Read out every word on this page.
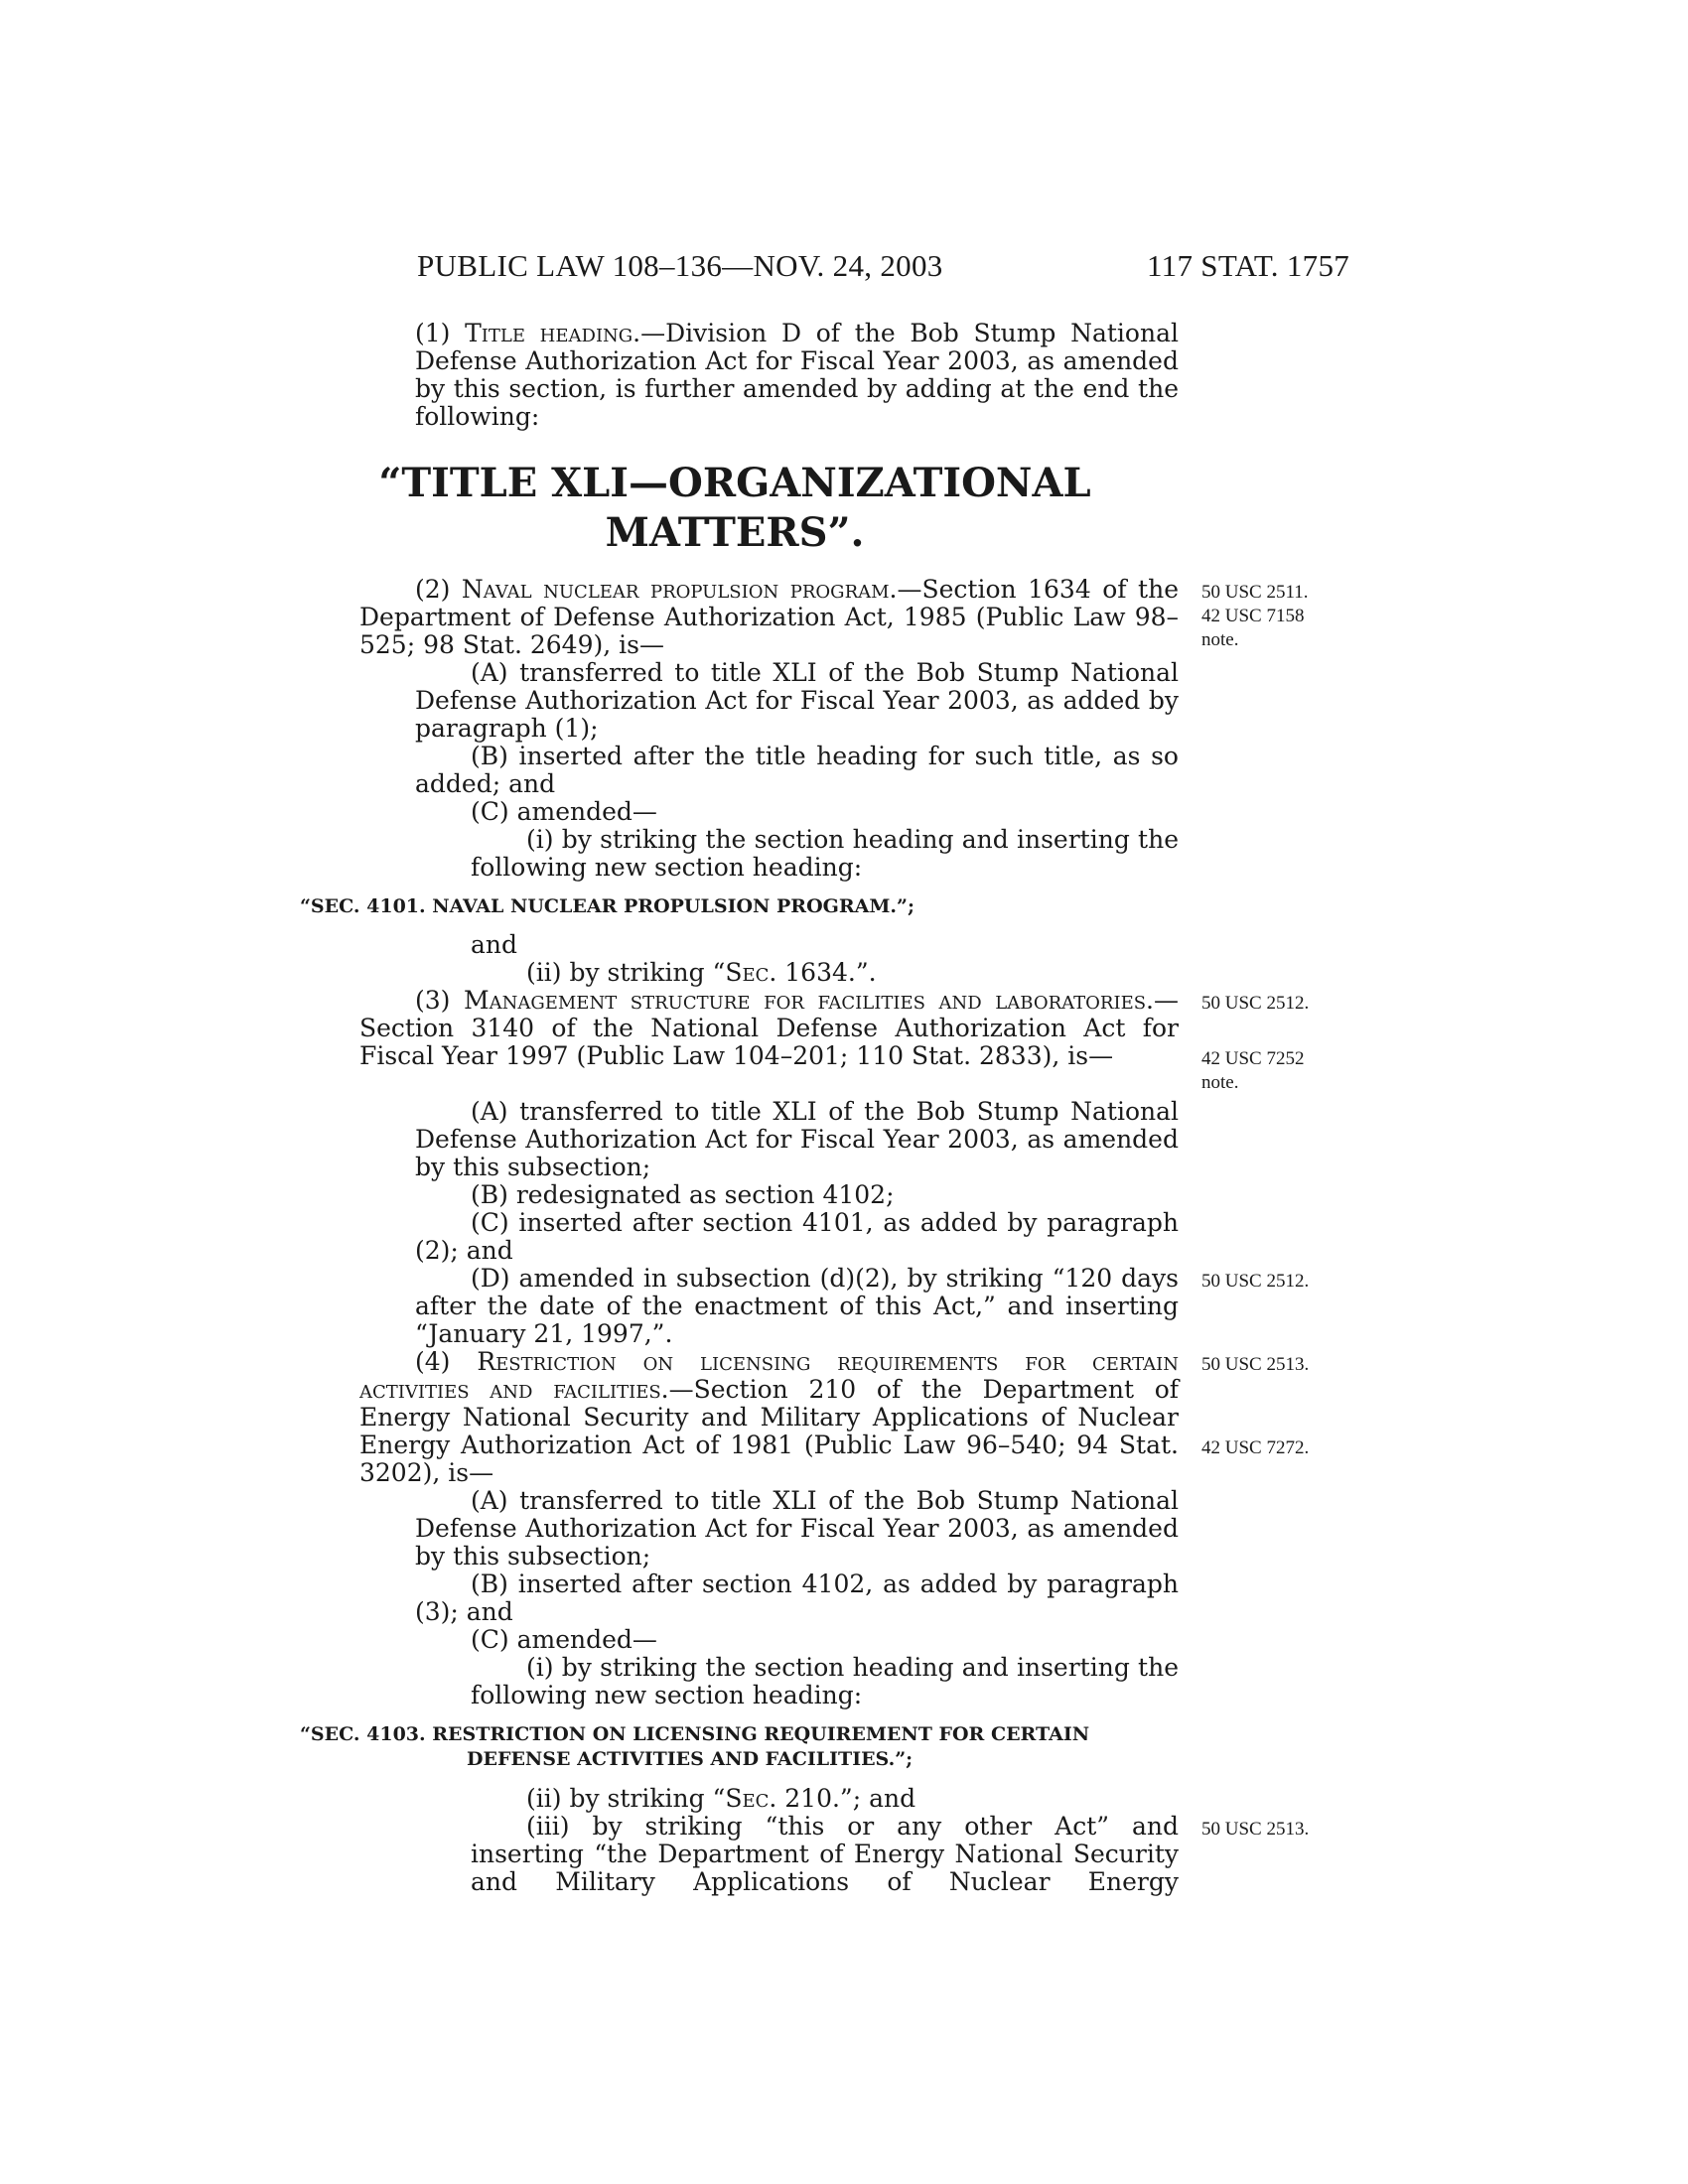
PUBLIC LAW 108–136—NOV. 24, 2003	117 STAT. 1757

(1) Title heading.—Division D of the Bob Stump National Defense Authorization Act for Fiscal Year 2003, as amended by this section, is further amended by adding at the end the following:

“TITLE XLI—ORGANIZATIONAL
MATTERS”.

(2) Naval nuclear propulsion program.—Section 1634 of the Department of Defense Authorization Act, 1985 (Public Law 98–525; 98 Stat. 2649), is—

(A) transferred to title XLI of the Bob Stump National Defense Authorization Act for Fiscal Year 2003, as added by paragraph (1);

(B) inserted after the title heading for such title, as so added; and

(C) amended—

(i) by striking the section heading and inserting the following new section heading:

“SEC. 4101. NAVAL NUCLEAR PROPULSION PROGRAM.”;

and

(ii) by striking “Sec. 1634.”.

(3) Management structure for facilities and laboratories.—Section 3140 of the National Defense Authorization Act for Fiscal Year 1997 (Public Law 104–201; 110 Stat. 2833), is—

(A) transferred to title XLI of the Bob Stump National Defense Authorization Act for Fiscal Year 2003, as amended by this subsection;

(B) redesignated as section 4102;

(C) inserted after section 4101, as added by paragraph (2); and

(D) amended in subsection (d)(2), by striking “120 days after the date of the enactment of this Act,” and inserting “January 21, 1997,”.

(4) Restriction on licensing requirements for certain activities and facilities.—Section 210 of the Department of Energy National Security and Military Applications of Nuclear Energy Authorization Act of 1981 (Public Law 96–540; 94 Stat. 3202), is—

(A) transferred to title XLI of the Bob Stump National Defense Authorization Act for Fiscal Year 2003, as amended by this subsection;

(B) inserted after section 4102, as added by paragraph (3); and

(C) amended—

(i) by striking the section heading and inserting the following new section heading:

“SEC. 4103. RESTRICTION ON LICENSING REQUIREMENT FOR CERTAIN
DEFENSE ACTIVITIES AND FACILITIES.”;

(ii) by striking “Sec. 210.”; and

(iii) by striking “this or any other Act” and inserting “the Department of Energy National Security and Military Applications of Nuclear Energy

50 USC 2511.
42 USC 7158
note.
50 USC 2512.
42 USC 7252
note.
50 USC 2512.
50 USC 2513.
42 USC 7272.
50 USC 2513.
